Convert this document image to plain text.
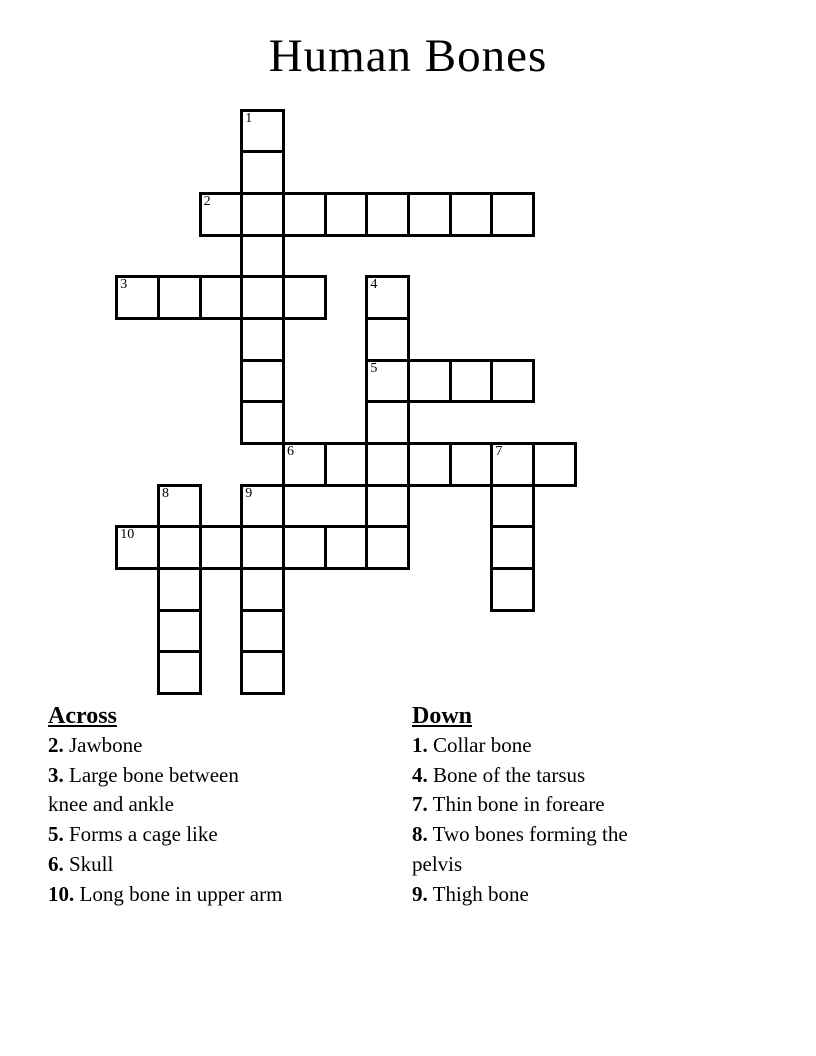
Human Bones
1
2
3	4
5
6	7
8	9
10
Across
2. Jawbone
3. Large bone between
knee and ankle
5. Forms a cage like
6. Skull
10. Long bone in upper arm
Down
1. Collar bone
4. Bone of the tarsus
7. Thin bone in foreare
8. Two bones forming the
pelvis
9. Thigh bone
